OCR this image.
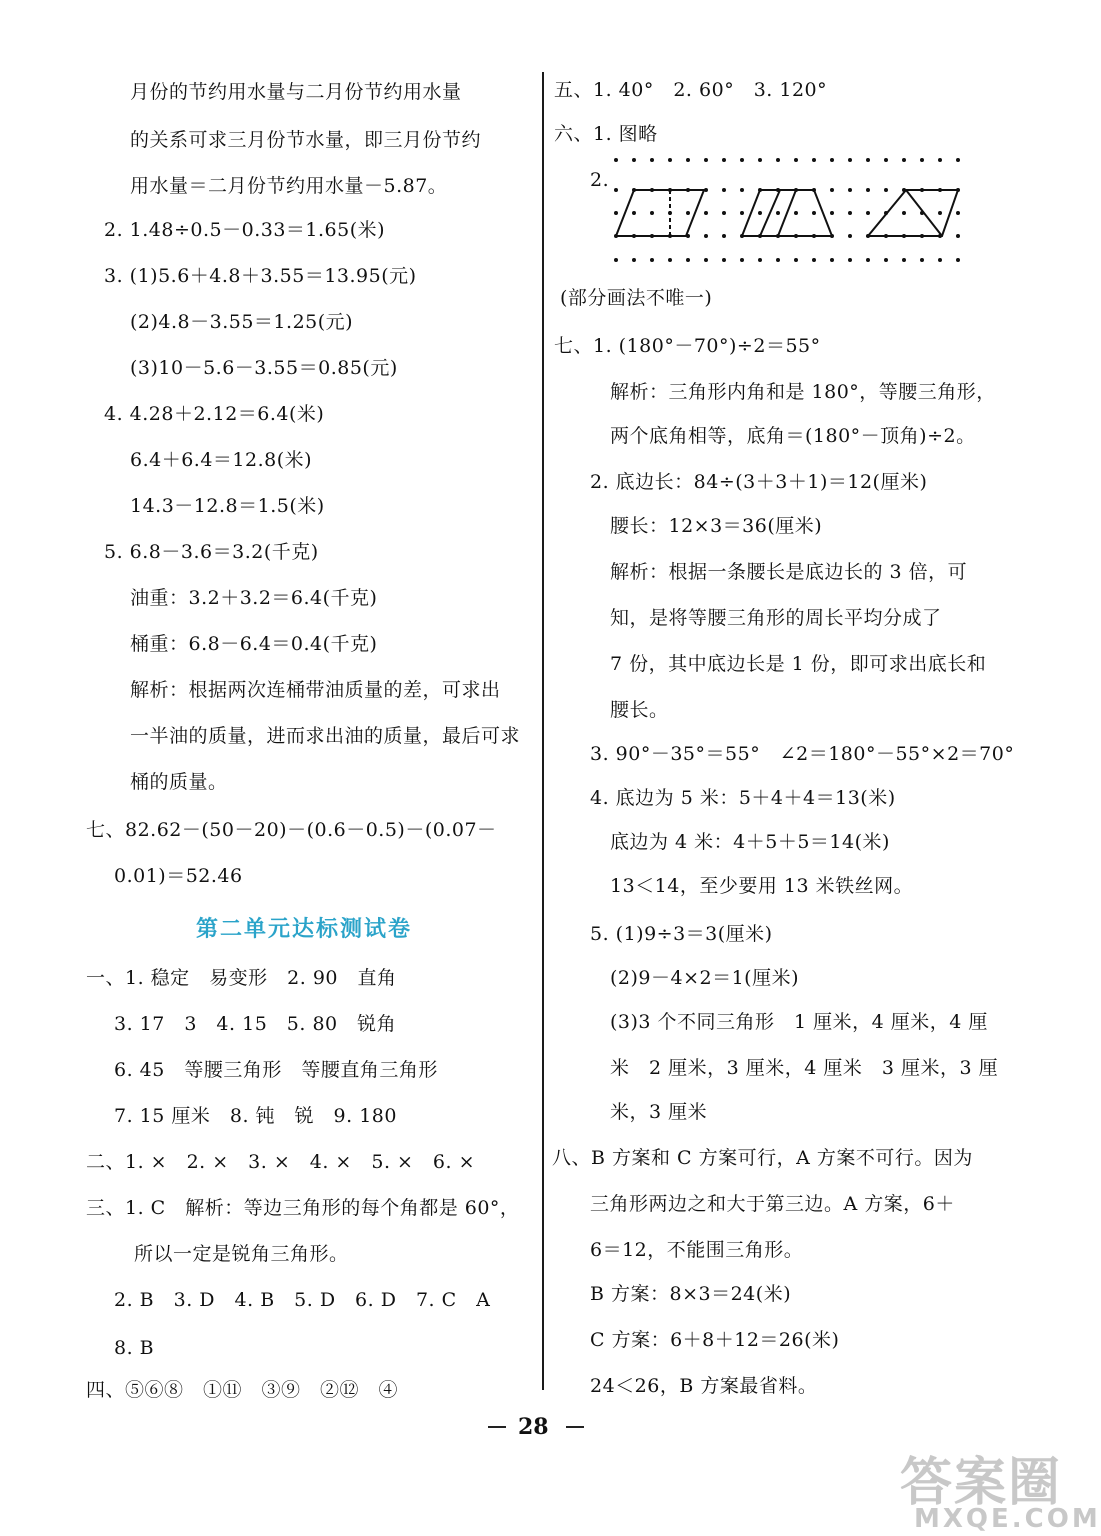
月份的节约用水量与二月份节约用水量
的关系可求三月份节水量，即三月份节约
用水量＝二月份节约用水量－5.87。
2. 1.48÷0.5－0.33＝1.65(米)
3. (1)5.6＋4.8＋3.55＝13.95(元)
(2)4.8－3.55＝1.25(元)
(3)10－5.6－3.55＝0.85(元)
4. 4.28＋2.12＝6.4(米)
6.4＋6.4＝12.8(米)
14.3－12.8＝1.5(米)
5. 6.8－3.6＝3.2(千克)
油重：3.2＋3.2＝6.4(千克)
桶重：6.8－6.4＝0.4(千克)
解析：根据两次连桶带油质量的差，可求出
一半油的质量，进而求出油的质量，最后可求
桶的质量。
七、82.62－(50－20)－(0.6－0.5)－(0.07－
0.01)＝52.46
第二单元达标测试卷
一、1. 稳定　易变形　2. 90　直角
3. 17　3　4. 15　5. 80　锐角
6. 45　等腰三角形　等腰直角三角形
7. 15 厘米　8. 钝　锐　9. 180
二、1. ×　2. ×　3. ×　4. ×　5. ×　6. ×
三、1. C　解析：等边三角形的每个角都是 60°，
所以一定是锐角三角形。
2. B　3. D　4. B　5. D　6. D　7. C　A
8. B
四、⑤⑥⑧　①⑪　③⑨　②⑫　④
五、1. 40°　2. 60°　3. 120°
六、1. 图略
2.
(部分画法不唯一)
七、1. (180°－70°)÷2＝55°
解析：三角形内角和是 180°，等腰三角形，
两个底角相等，底角＝(180°－顶角)÷2。
2. 底边长：84÷(3＋3＋1)＝12(厘米)
腰长：12×3＝36(厘米)
解析：根据一条腰长是底边长的 3 倍，可
知，是将等腰三角形的周长平均分成了
7 份，其中底边长是 1 份，即可求出底长和
腰长。
3. 90°－35°＝55°　∠2＝180°－55°×2＝70°
4. 底边为 5 米：5＋4＋4＝13(米)
底边为 4 米：4＋5＋5＝14(米)
13＜14，至少要用 13 米铁丝网。
5. (1)9÷3＝3(厘米)
(2)9－4×2＝1(厘米)
(3)3 个不同三角形　1 厘米，4 厘米，4 厘
米　2 厘米，3 厘米，4 厘米　3 厘米，3 厘
米，3 厘米
八、B 方案和 C 方案可行，A 方案不可行。因为
三角形两边之和大于第三边。A 方案，6＋
6＝12，不能围三角形。
B 方案：8×3＝24(米)
C 方案：6＋8＋12＝26(米)
24＜26，B 方案最省料。
28
答案圈
MXQE.COM
